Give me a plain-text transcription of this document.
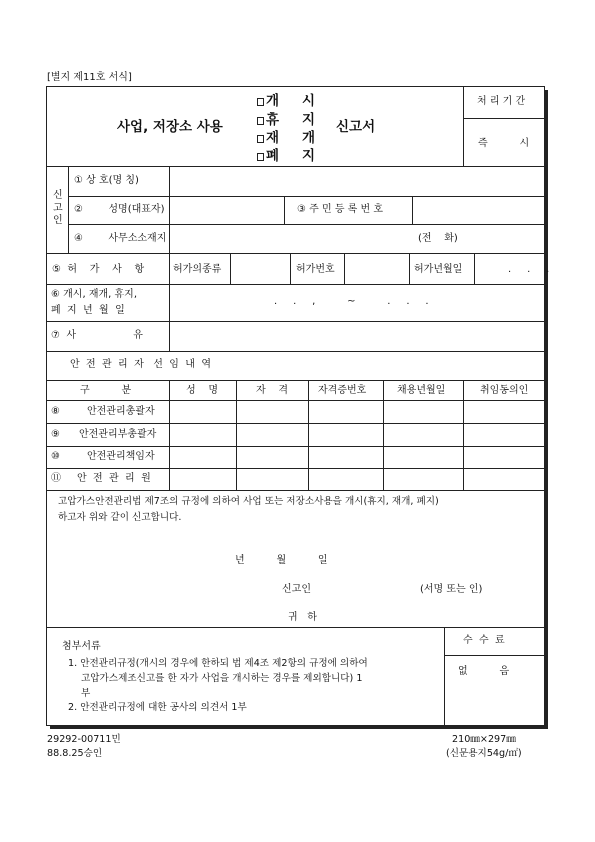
[별지 제11호 서식]
처 리 기 간
즉          시
사업, 저장소 사용
개 시
휴 지
재 개
폐 지
신고서
신
고
인
① 상 호(명 칭)
②        성명(대표자)	③ 주 민 등 록 번 호
④        사무소소재지	(전    화)
⑤  허    가    사    항	허가의종류	허가번호	허가년월일	.     .     .
⑥ 개시, 재개, 휴지,
폐  지  년  월  일
.     .     ,          ~          .     .     .
⑦  사                  유
안  전  관  리  자   선  임  내  역
구          분	성    명	자    격	자격증번호	채용년월일	취임동의인
⑧	안전관리총괄자
⑨ 안전관리부총괄자
⑩	안전관리책임자
⑪ 안  전  관  리  원
고압가스안전관리법 제7조의 규정에 의하여 사업 또는 저장소사용을 개시(휴지, 재개, 폐지)
하고자 위와 같이 신고합니다.
년          월          일
신고인	(서명 또는 인)
귀   하
첨부서류
1. 안전관리규정(개시의 경우에 한하되 법 제4조 제2항의 규정에 의하여
고압가스제조신고를 한 자가 사업을 개시하는 경우를 제외합니다) 1
부
2. 안전관리규정에 대한 공사의 의견서 1부
수  수  료
없          음
29292-00711민
88.8.25승인
210㎜×297㎜
(신문용지54g/㎡)
